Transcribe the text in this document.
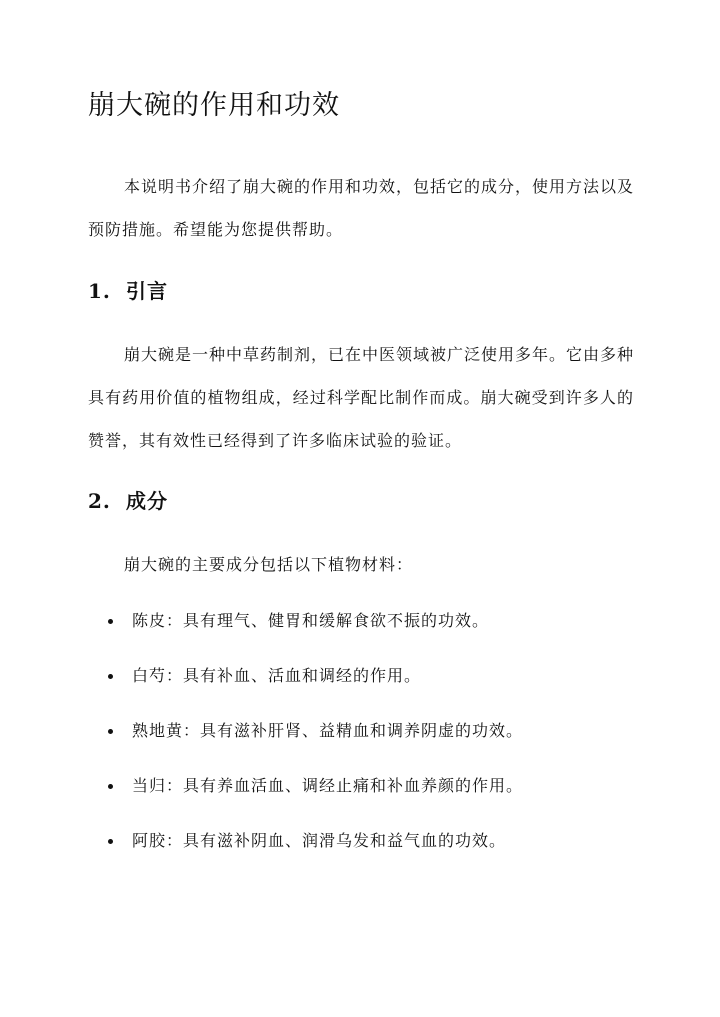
崩大碗的作用和功效

本说明书介绍了崩大碗的作用和功效，包括它的成分，使用方法以及预防措施。希望能为您提供帮助。

1. 引言

崩大碗是一种中草药制剂，已在中医领域被广泛使用多年。它由多种具有药用价值的植物组成，经过科学配比制作而成。崩大碗受到许多人的赞誉，其有效性已经得到了许多临床试验的验证。

2. 成分

崩大碗的主要成分包括以下植物材料：

陈皮：具有理气、健胃和缓解食欲不振的功效。
白芍：具有补血、活血和调经的作用。
熟地黄：具有滋补肝肾、益精血和调养阴虚的功效。
当归：具有养血活血、调经止痛和补血养颜的作用。
阿胶：具有滋补阴血、润滑乌发和益气血的功效。
